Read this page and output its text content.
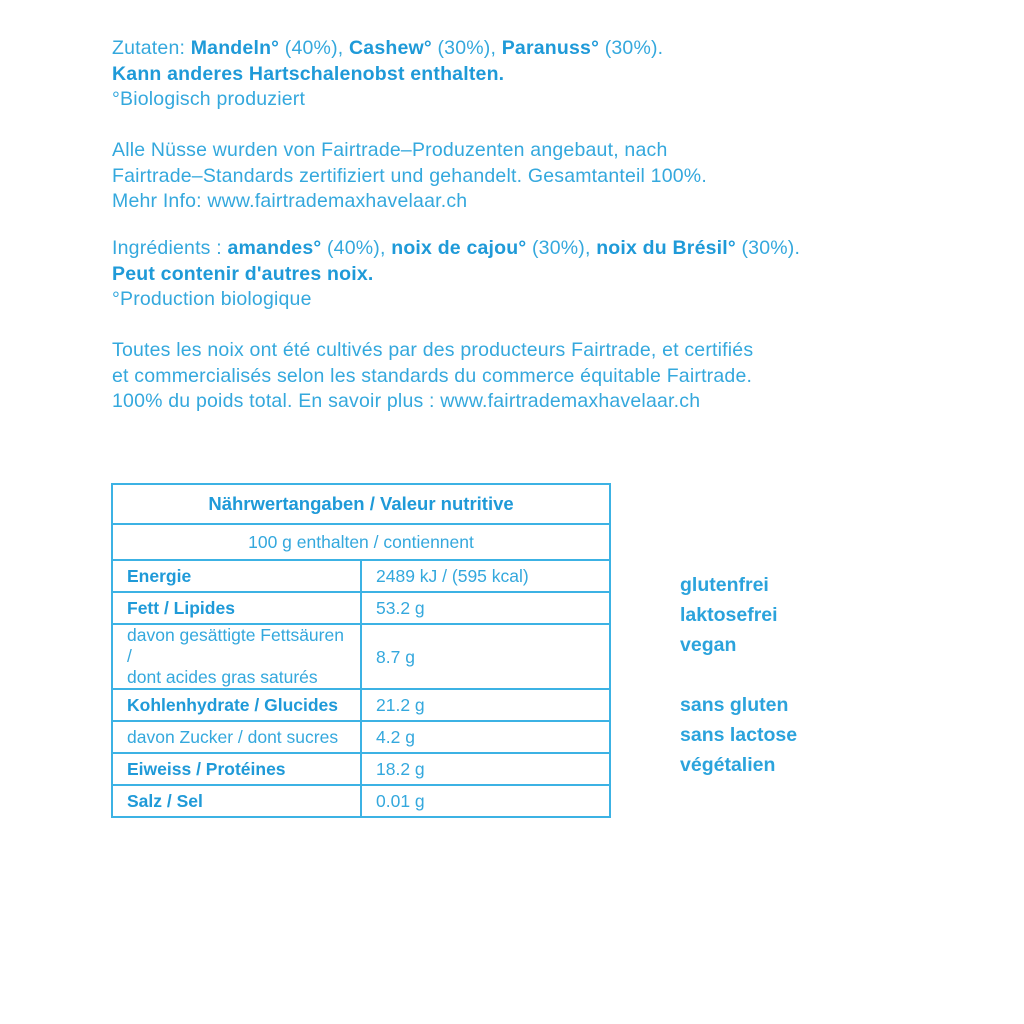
Zutaten: Mandeln° (40%), Cashew° (30%), Paranuss° (30%).
Kann anderes Hartschalenobst enthalten.
°Biologisch produziert
Alle Nüsse wurden von Fairtrade–Produzenten angebaut, nach
Fairtrade–Standards zertifiziert und gehandelt. Gesamtanteil 100%.
Mehr Info: www.fairtrademaxhavelaar.ch
Ingrédients : amandes° (40%), noix de cajou° (30%), noix du Brésil° (30%).
Peut contenir d'autres noix.
°Production biologique
Toutes les noix ont été cultivés par des producteurs Fairtrade, et certifiés
et commercialisés selon les standards du commerce équitable Fairtrade.
100% du poids total. En savoir plus : www.fairtrademaxhavelaar.ch
Nährwertangaben / Valeur nutritive	
100 g enthalten / contiennent	
Energie	2489 kJ / (595 kcal)
Fett / Lipides	53.2 g
davon gesättigte Fettsäuren /
dont acides gras saturés	8.7 g
Kohlenhydrate / Glucides	21.2 g
davon Zucker / dont sucres	4.2 g
Eiweiss / Protéines	18.2 g
Salz / Sel	0.01 g
glutenfrei
laktosefrei
vegan
sans gluten
sans lactose
végétalien
